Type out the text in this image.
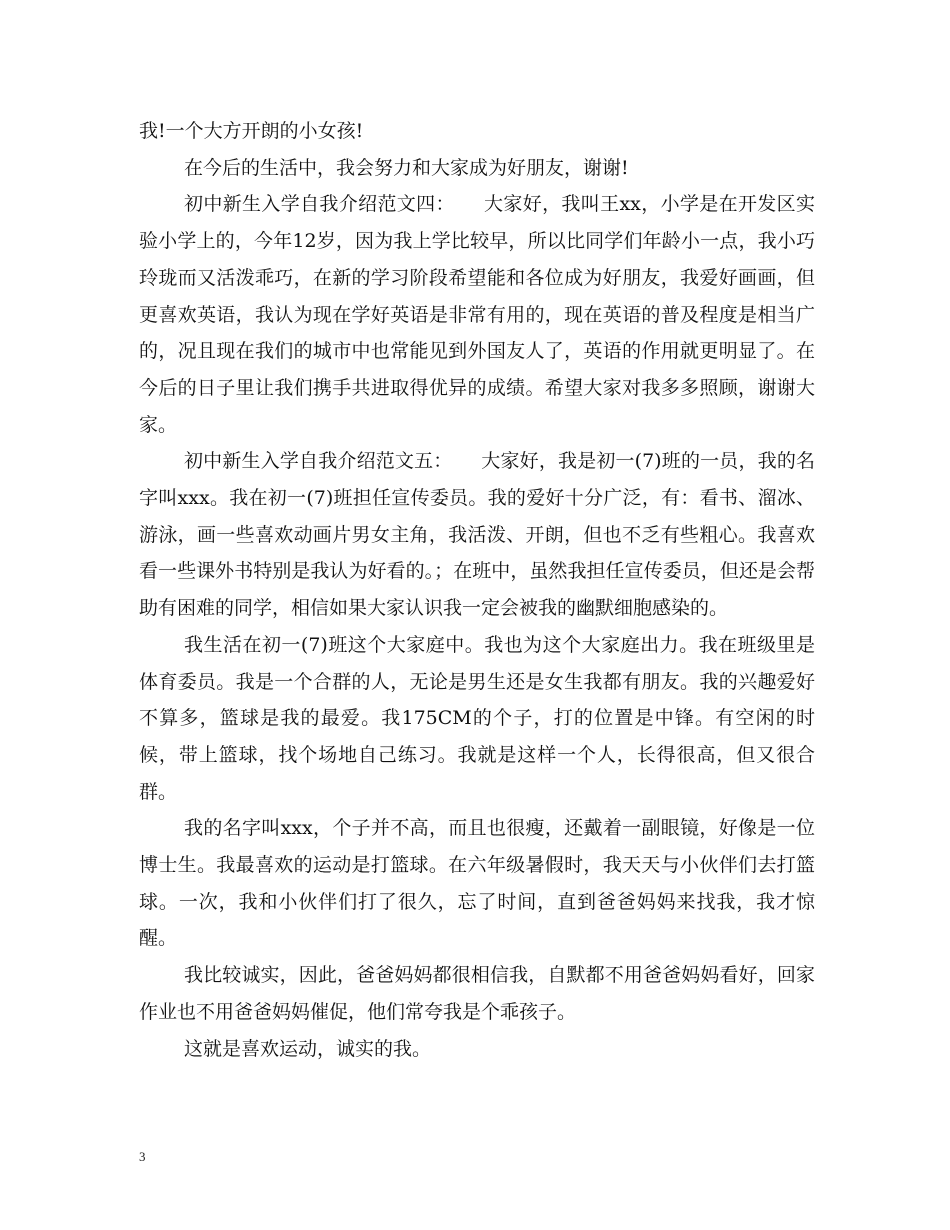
我!一个大方开朗的小女孩!

在今后的生活中，我会努力和大家成为好朋友，谢谢!

初中新生入学自我介绍范文四：　　大家好，我叫王xx，小学是在开发区实验小学上的，今年12岁，因为我上学比较早，所以比同学们年龄小一点，我小巧玲珑而又活泼乖巧，在新的学习阶段希望能和各位成为好朋友，我爱好画画，但更喜欢英语，我认为现在学好英语是非常有用的，现在英语的普及程度是相当广的，况且现在我们的城市中也常能见到外国友人了，英语的作用就更明显了。在今后的日子里让我们携手共进取得优异的成绩。希望大家对我多多照顾，谢谢大家。

初中新生入学自我介绍范文五：　　大家好，我是初一(7)班的一员，我的名字叫xxx。我在初一(7)班担任宣传委员。我的爱好十分广泛，有：看书、溜冰、游泳，画一些喜欢动画片男女主角，我活泼、开朗，但也不乏有些粗心。我喜欢看一些课外书特别是我认为好看的。；在班中，虽然我担任宣传委员，但还是会帮助有困难的同学，相信如果大家认识我一定会被我的幽默细胞感染的。

我生活在初一(7)班这个大家庭中。我也为这个大家庭出力。我在班级里是体育委员。我是一个合群的人，无论是男生还是女生我都有朋友。我的兴趣爱好不算多，篮球是我的最爱。我175CM的个子，打的位置是中锋。有空闲的时候，带上篮球，找个场地自己练习。我就是这样一个人，长得很高，但又很合群。

我的名字叫xxx，个子并不高，而且也很瘦，还戴着一副眼镜，好像是一位博士生。我最喜欢的运动是打篮球。在六年级暑假时，我天天与小伙伴们去打篮球。一次，我和小伙伴们打了很久，忘了时间，直到爸爸妈妈来找我，我才惊醒。

我比较诚实，因此，爸爸妈妈都很相信我，自默都不用爸爸妈妈看好，回家作业也不用爸爸妈妈催促，他们常夸我是个乖孩子。

这就是喜欢运动，诚实的我。

3
